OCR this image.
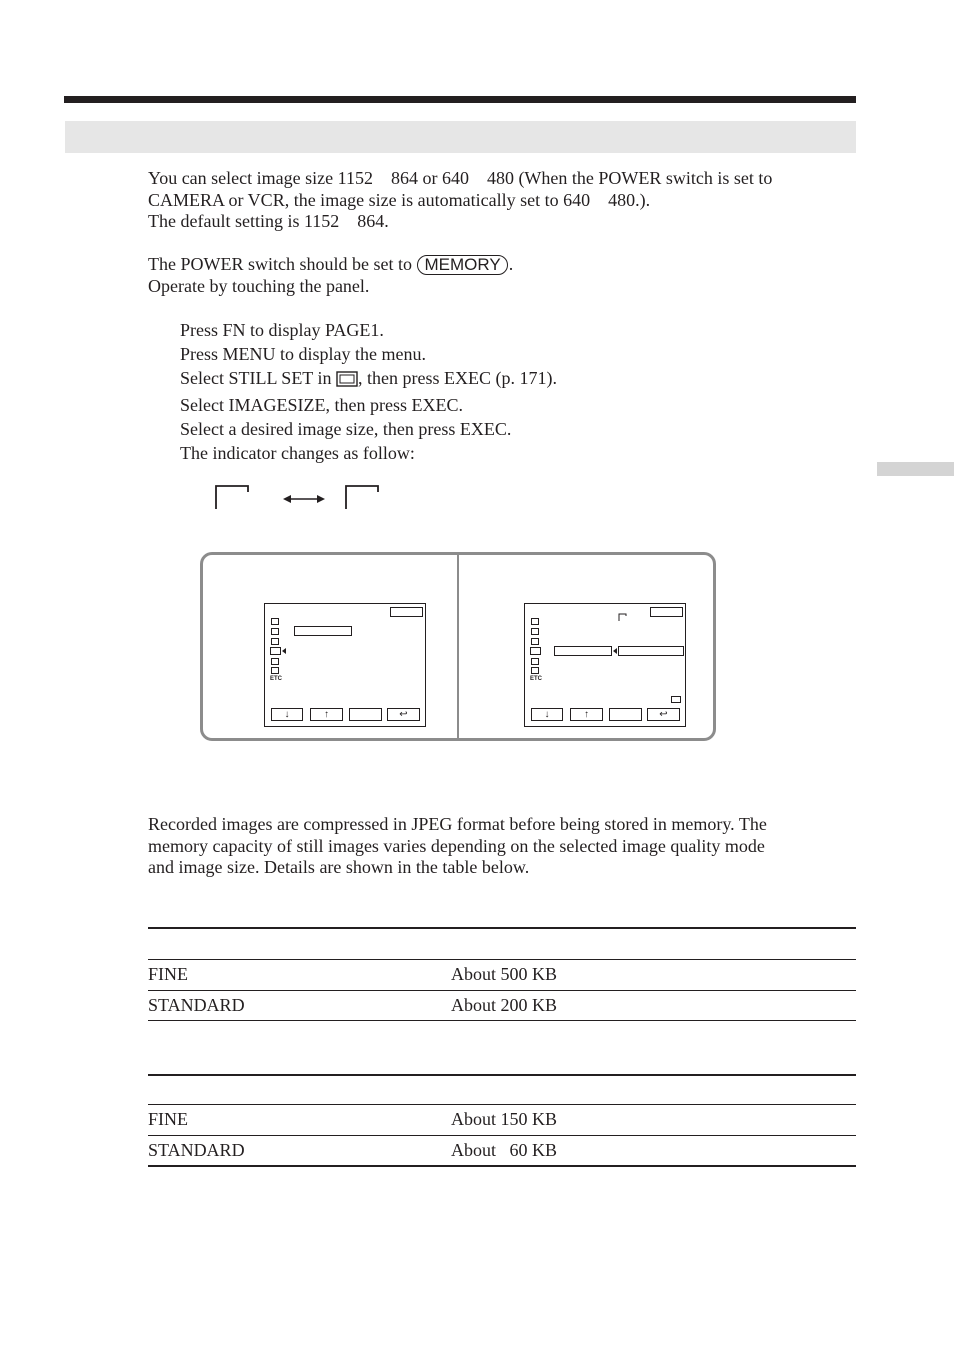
You can select image size 1152  864 or 640  480 (When the POWER switch is set to
CAMERA or VCR, the image size is automatically set to 640  480.).
The default setting is 1152  864.
The POWER switch should be set to MEMORY .
Operate by touching the panel.
Press FN to display PAGE1.
Press MENU to display the menu.
Select STILL SET in , then press EXEC (p. 171).
Select IMAGESIZE, then press EXEC.
Select a desired image size, then press EXEC.
The indicator changes as follow:
ETC
↓	↑	↩
ETC
↓	↑	↩
Recorded images are compressed in JPEG format before being stored in memory. The
memory capacity of still images varies depending on the selected image quality mode
and image size. Details are shown in the table below.
FINE	About 500 KB
STANDARD	About 200 KB
FINE	About 150 KB
STANDARD	About  60 KB
